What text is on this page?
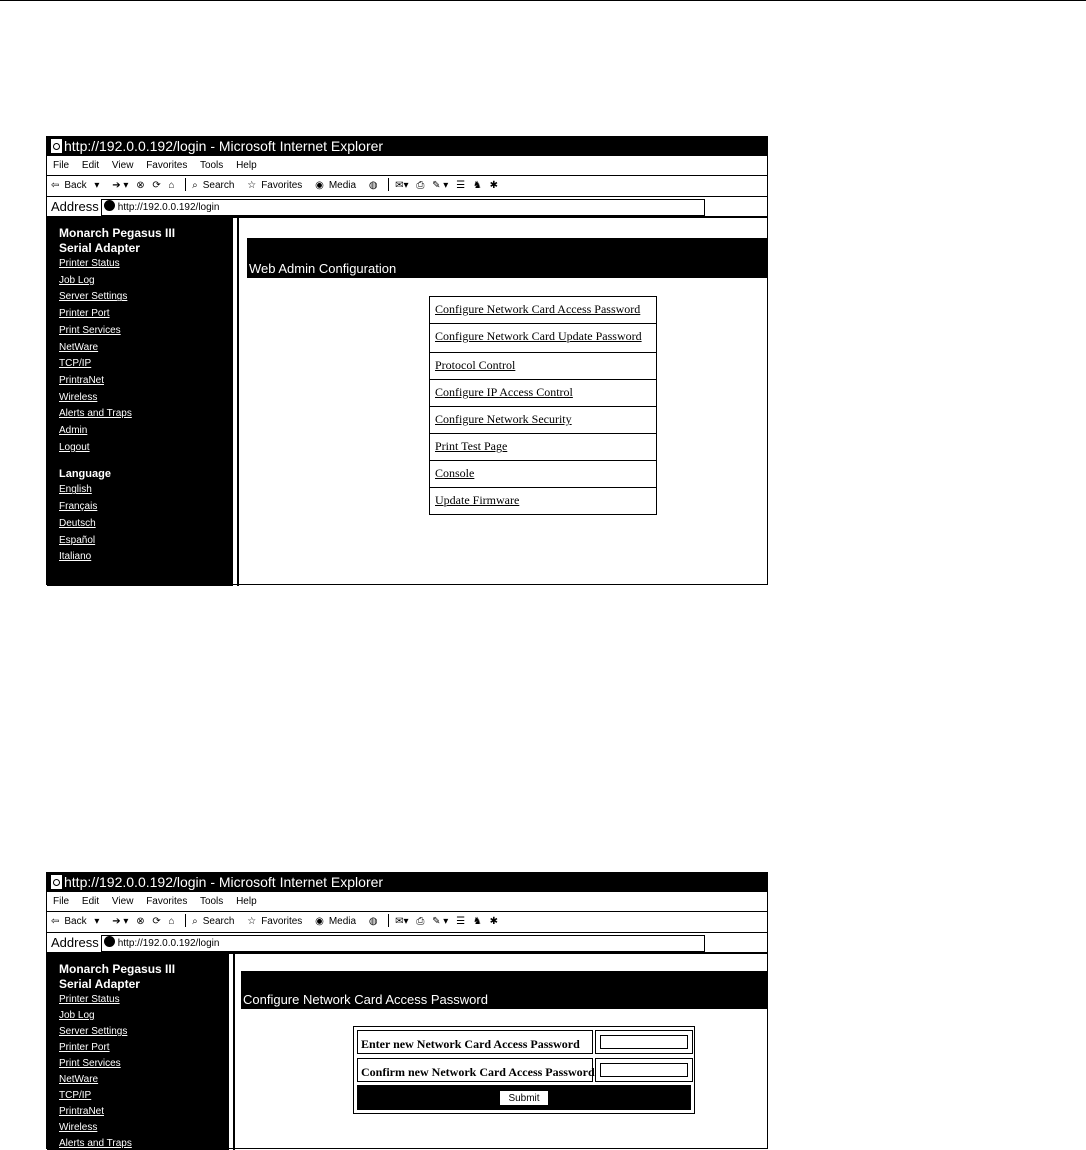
http://192.0.0.192/login - Microsoft Internet Explorer
File Edit View Favorites Tools Help
⇦ Back ▾ ➔ ▾ ⊗ ⟳ ⌂ ⌕ Search ☆ Favorites ◉ Media ◍ ✉▾ ⎙ ✎ ▾ ☰ ♞ ✱
Address http://192.0.0.192/login
Monarch Pegasus III
Serial Adapter
Printer Status
Job Log
Server Settings
Printer Port
Print Services
NetWare
TCP/IP
PrintraNet
Wireless
Alerts and Traps
Admin
Logout
Language
English
Français
Deutsch
Español
Italiano
Web Admin Configuration
Configure Network Card Access Password
Configure Network Card Update Password
Protocol Control
Configure IP Access Control
Configure Network Security
Print Test Page
Console
Update Firmware
http://192.0.0.192/login - Microsoft Internet Explorer
File Edit View Favorites Tools Help
⇦ Back ▾ ➔ ▾ ⊗ ⟳ ⌂ ⌕ Search ☆ Favorites ◉ Media ◍ ✉▾ ⎙ ✎ ▾ ☰ ♞ ✱
Address http://192.0.0.192/login
Monarch Pegasus III
Serial Adapter
Printer Status
Job Log
Server Settings
Printer Port
Print Services
NetWare
TCP/IP
PrintraNet
Wireless
Alerts and Traps
Configure Network Card Access Password
Enter new Network Card Access Password
Confirm new Network Card Access Password
Submit
